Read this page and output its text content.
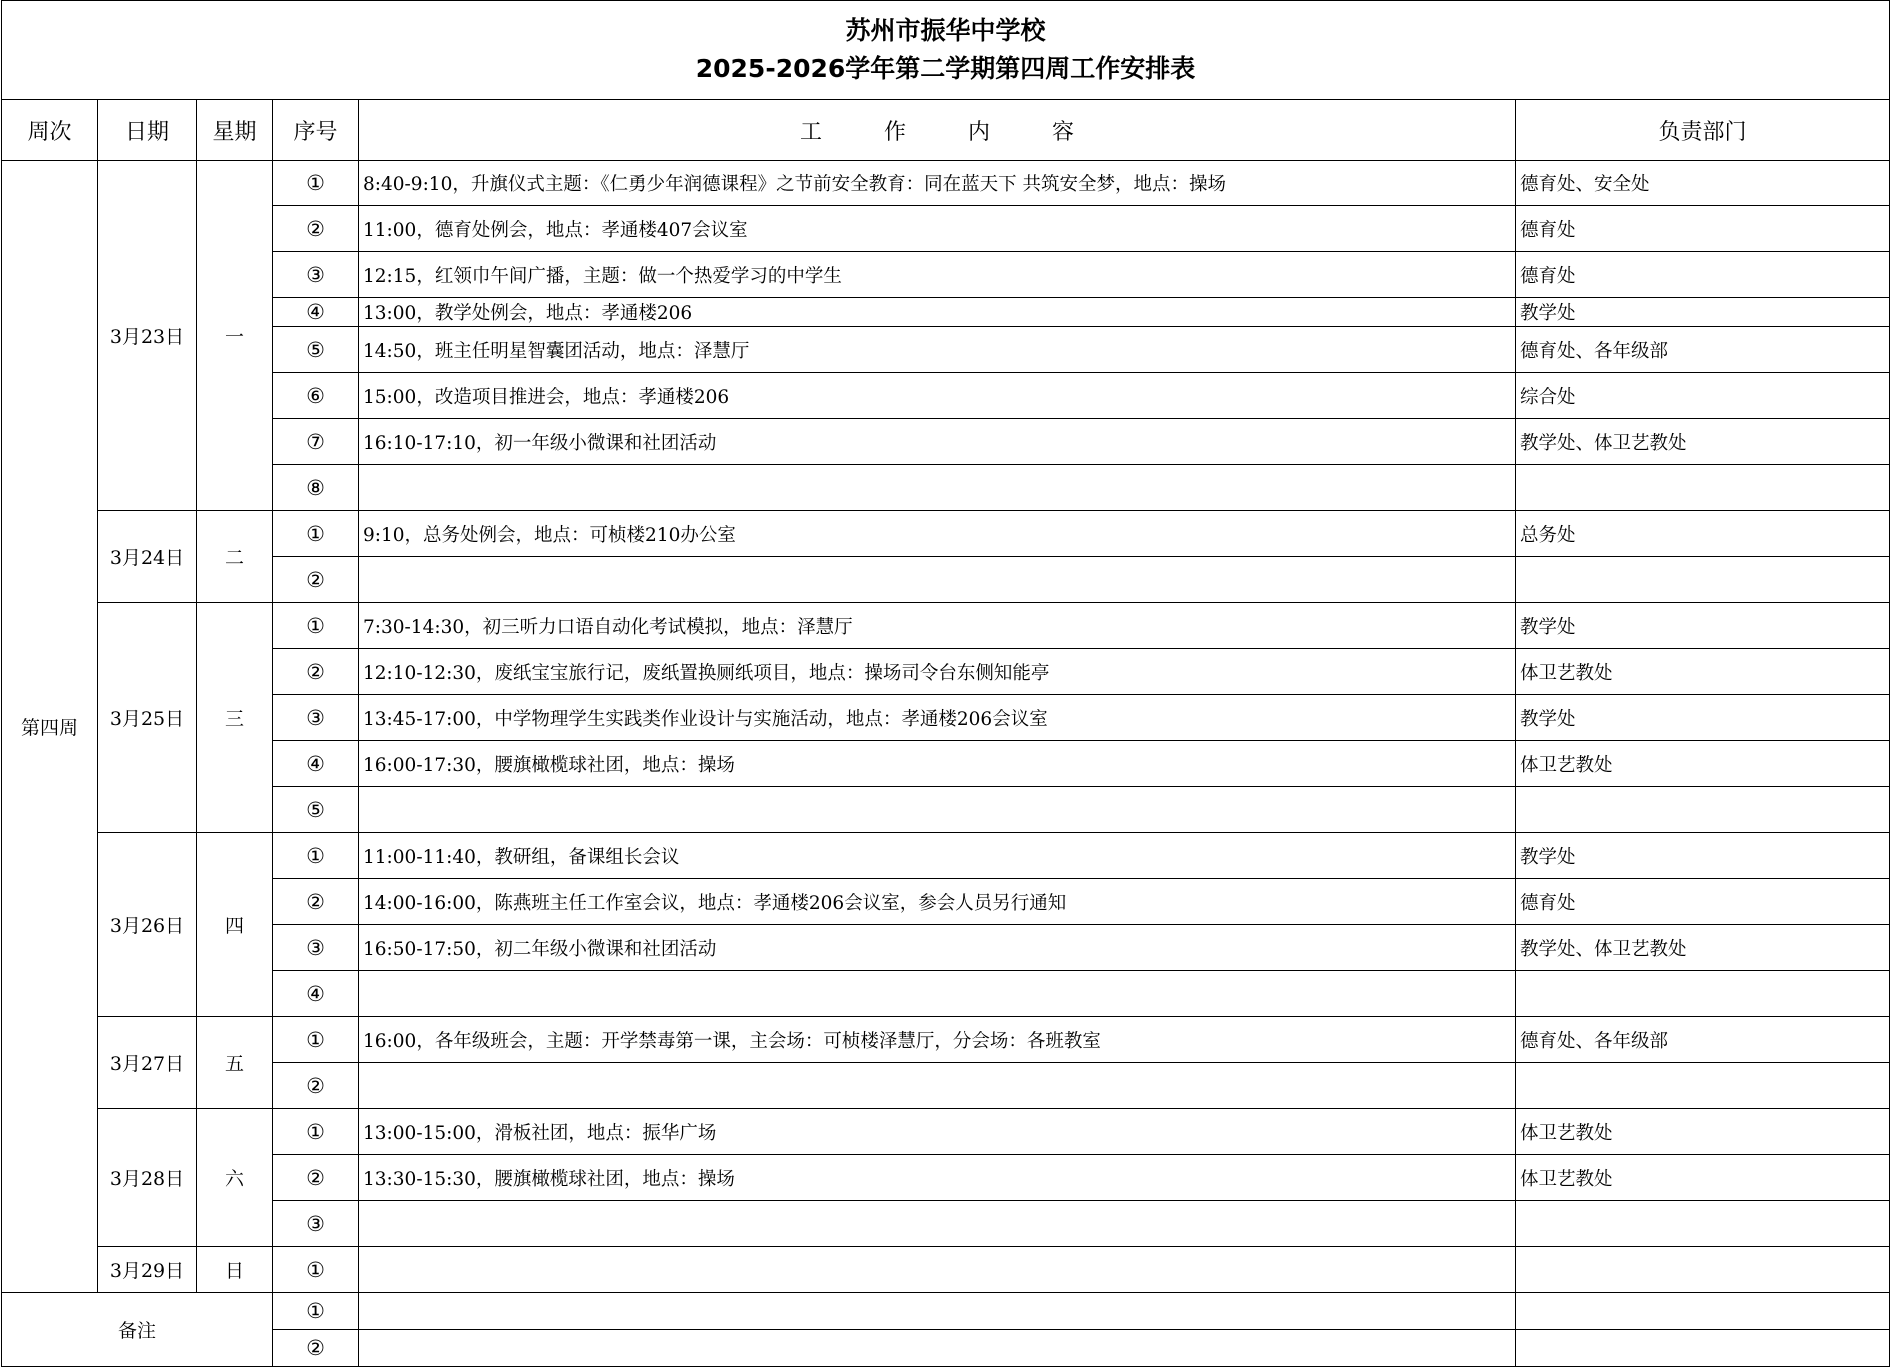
苏州市振华中学校
2025-2026学年第二学期第四周工作安排表					

周次	日期	星期	序号	工 作 内 容	负责部门
第四周	3月23日	一	①	8:40-9:10，升旗仪式主题：《仁勇少年润德课程》之节前安全教育：同在蓝天下 共筑安全梦，地点：操场	德育处、安全处
			②	11:00，德育处例会，地点：孝通楼407会议室	德育处
			③	12:15，红领巾午间广播，主题：做一个热爱学习的中学生	德育处
			④	13:00，教学处例会，地点：孝通楼206	教学处
			⑤	14:50，班主任明星智囊团活动，地点：泽慧厅	德育处、各年级部
			⑥	15:00，改造项目推进会，地点：孝通楼206	综合处
			⑦	16:10-17:10，初一年级小微课和社团活动	教学处、体卫艺教处
			⑧		
	3月24日	二	①	9:10，总务处例会，地点：可桢楼210办公室	总务处
			②		
	3月25日	三	①	7:30-14:30，初三听力口语自动化考试模拟，地点：泽慧厅	教学处
			②	12:10-12:30，废纸宝宝旅行记，废纸置换厕纸项目，地点：操场司令台东侧知能亭	体卫艺教处
			③	13:45-17:00，中学物理学生实践类作业设计与实施活动，地点：孝通楼206会议室	教学处
			④	16:00-17:30，腰旗橄榄球社团，地点：操场	体卫艺教处
			⑤		
	3月26日	四	①	11:00-11:40，教研组，备课组长会议	教学处
			②	14:00-16:00，陈燕班主任工作室会议，地点：孝通楼206会议室，参会人员另行通知	德育处
			③	16:50-17:50，初二年级小微课和社团活动	教学处、体卫艺教处
			④		
	3月27日	五	①	16:00，各年级班会，主题：开学禁毒第一课，主会场：可桢楼泽慧厅，分会场：各班教室	德育处、各年级部
			②		
	3月28日	六	①	13:00-15:00，滑板社团，地点：振华广场	体卫艺教处
			②	13:30-15:30，腰旗橄榄球社团，地点：操场	体卫艺教处
			③		
	3月29日	日	①		
备注			①		
			②		
